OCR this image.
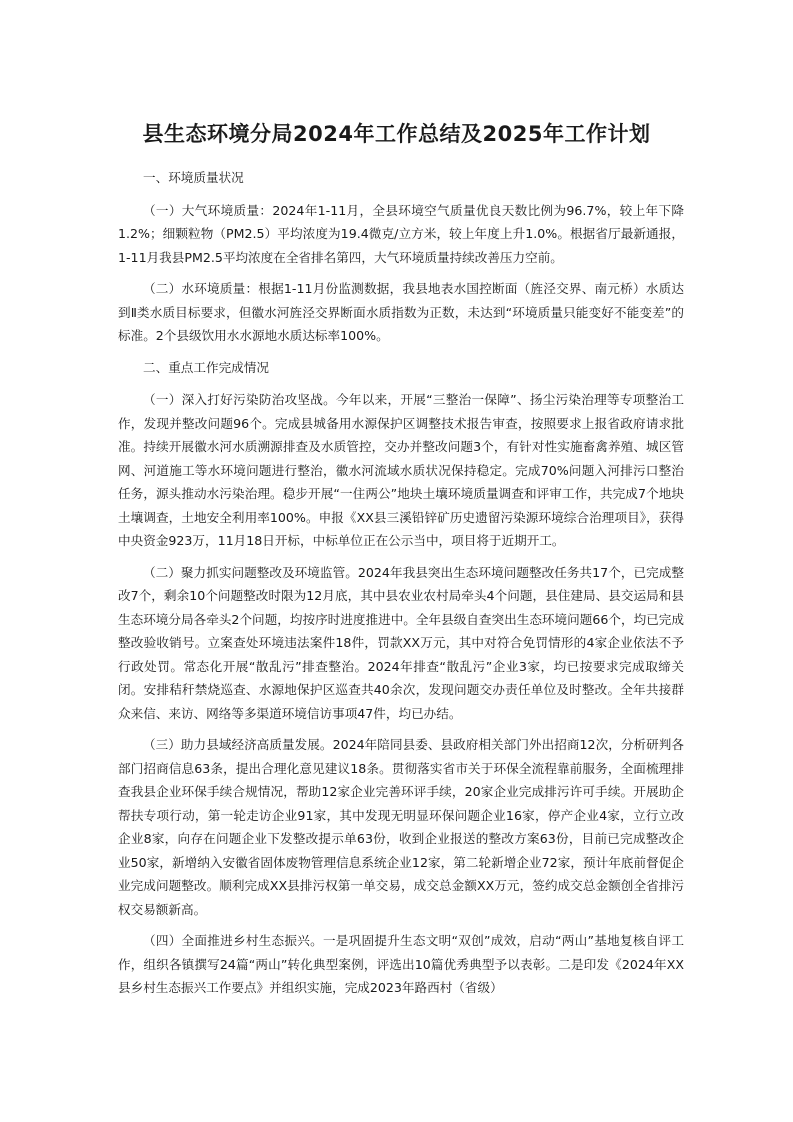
县生态环境分局2024年工作总结及2025年工作计划
一、环境质量状况

（一）大气环境质量：2024年1-11月，全县环境空气质量优良天数比例为96.7%，较上年下降1.2%；细颗粒物（PM2.5）平均浓度为19.4微克/立方米，较上年度上升1.0%。根据省厅最新通报，1-11月我县PM2.5平均浓度在全省排名第四，大气环境质量持续改善压力空前。

（二）水环境质量：根据1-11月份监测数据，我县地表水国控断面（旌泾交界、南元桥）水质达到Ⅱ类水质目标要求，但徽水河旌泾交界断面水质指数为正数，未达到“环境质量只能变好不能变差”的标准。2个县级饮用水水源地水质达标率100%。

二、重点工作完成情况

（一）深入打好污染防治攻坚战。今年以来，开展“三整治一保障”、扬尘污染治理等专项整治工作，发现并整改问题96个。完成县城备用水源保护区调整技术报告审查，按照要求上报省政府请求批准。持续开展徽水河水质溯源排查及水质管控，交办并整改问题3个，有针对性实施畜禽养殖、城区管网、河道施工等水环境问题进行整治，徽水河流域水质状况保持稳定。完成70%问题入河排污口整治任务，源头推动水污染治理。稳步开展“一住两公”地块土壤环境质量调查和评审工作，共完成7个地块土壤调查，土地安全利用率100%。申报《XX县三溪铅锌矿历史遗留污染源环境综合治理项目》，获得中央资金923万，11月18日开标，中标单位正在公示当中，项目将于近期开工。

（二）聚力抓实问题整改及环境监管。2024年我县突出生态环境问题整改任务共17个，已完成整改7个，剩余10个问题整改时限为12月底，其中县农业农村局牵头4个问题，县住建局、县交运局和县生态环境分局各牵头2个问题，均按序时进度推进中。全年县级自查突出生态环境问题66个，均已完成整改验收销号。立案查处环境违法案件18件，罚款XX万元，其中对符合免罚情形的4家企业依法不予行政处罚。常态化开展“散乱污”排查整治。2024年排查“散乱污”企业3家，均已按要求完成取缔关闭。安排秸秆禁烧巡查、水源地保护区巡查共40余次，发现问题交办责任单位及时整改。全年共接群众来信、来访、网络等多渠道环境信访事项47件，均已办结。

（三）助力县域经济高质量发展。2024年陪同县委、县政府相关部门外出招商12次，分析研判各部门招商信息63条，提出合理化意见建议18条。贯彻落实省市关于环保全流程靠前服务，全面梳理排查我县企业环保手续合规情况，帮助12家企业完善环评手续，20家企业完成排污许可手续。开展助企帮扶专项行动，第一轮走访企业91家，其中发现无明显环保问题企业16家，停产企业4家，立行立改企业8家，向存在问题企业下发整改提示单63份，收到企业报送的整改方案63份，目前已完成整改企业50家，新增纳入安徽省固体废物管理信息系统企业12家，第二轮新增企业72家，预计年底前督促企业完成问题整改。顺利完成XX县排污权第一单交易，成交总金额XX万元，签约成交总金额创全省排污权交易额新高。

（四）全面推进乡村生态振兴。一是巩固提升生态文明“双创”成效，启动“两山”基地复核自评工作，组织各镇撰写24篇“两山”转化典型案例，评选出10篇优秀典型予以表彰。二是印发《2024年XX县乡村生态振兴工作要点》并组织实施，完成2023年路西村（省级）
